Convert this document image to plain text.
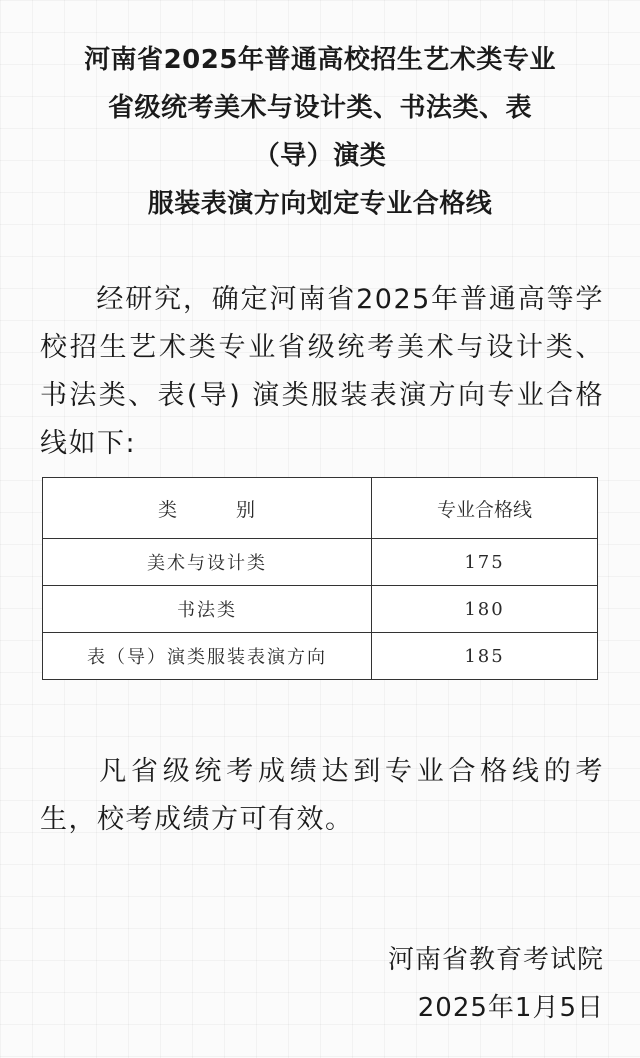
河南省2025年普通高校招生艺术类专业
省级统考美术与设计类、书法类、表
（导）演类
服装表演方向划定专业合格线
经研究，确定河南省2025年普通高等学校招生艺术类专业省级统考美术与设计类、书法类、表(导) 演类服装表演方向专业合格线如下:
类　别	专业合格线
美术与设计类	175
书法类	180
表（导）演类服装表演方向	185
凡省级统考成绩达到专业合格线的考生，校考成绩方可有效。
河南省教育考试院
2025年1月5日
